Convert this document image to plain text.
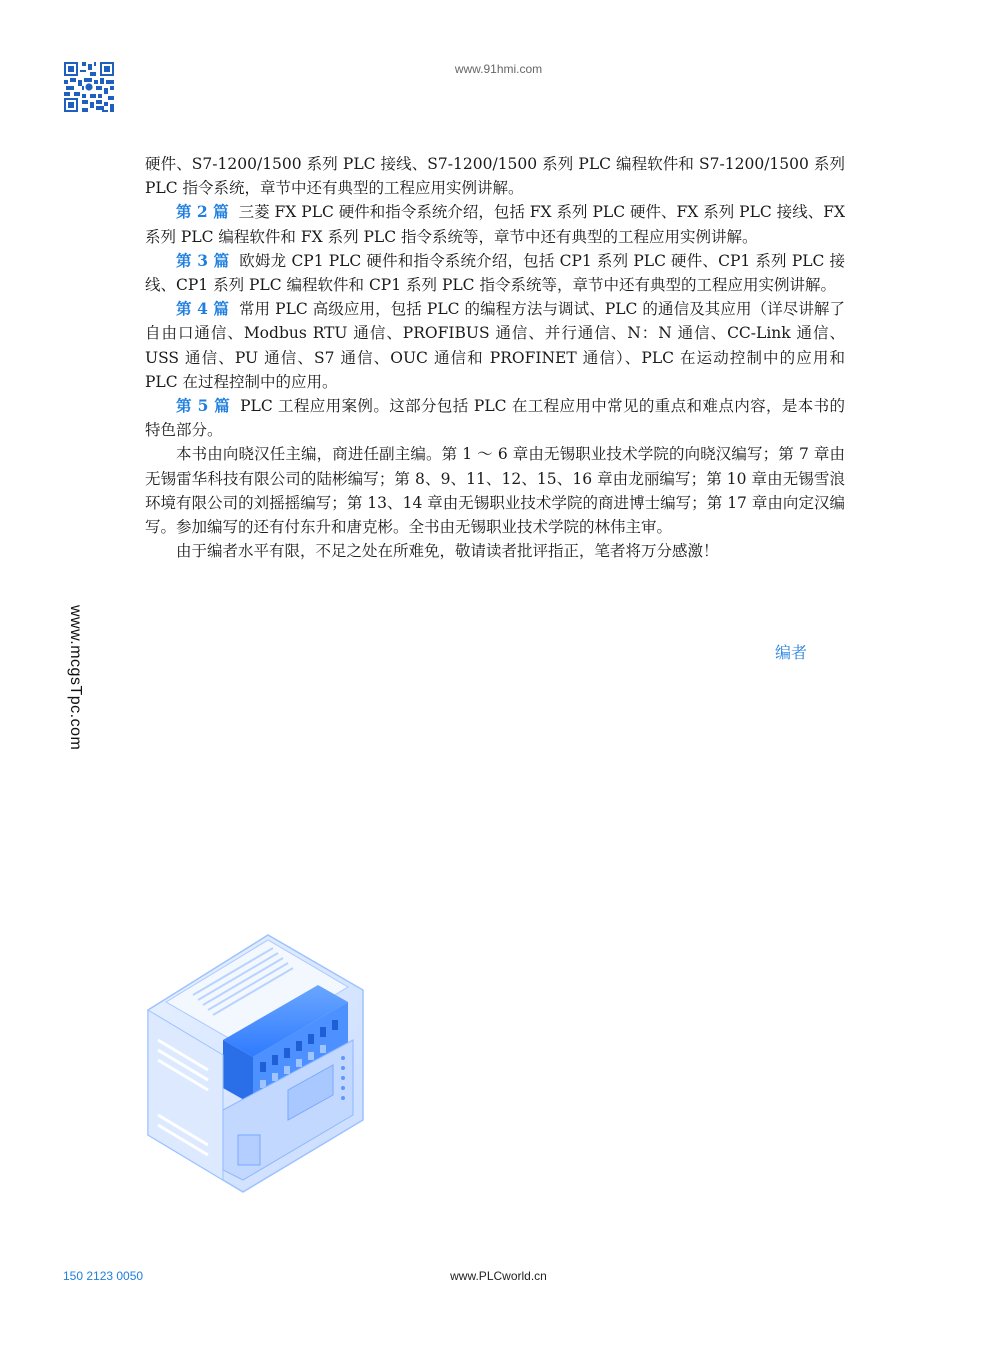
www.91hmi.com
www.mcgsTpc.com

硬件、S7-1200/1500 系列 PLC 接线、S7-1200/1500 系列 PLC 编程软件和 S7-1200/1500 系列 PLC 指令系统，章节中还有典型的工程应用实例讲解。

第 2 篇 三菱 FX PLC 硬件和指令系统介绍，包括 FX 系列 PLC 硬件、FX 系列 PLC 接线、FX 系列 PLC 编程软件和 FX 系列 PLC 指令系统等，章节中还有典型的工程应用实例讲解。

第 3 篇 欧姆龙 CP1 PLC 硬件和指令系统介绍，包括 CP1 系列 PLC 硬件、CP1 系列 PLC 接线、CP1 系列 PLC 编程软件和 CP1 系列 PLC 指令系统等，章节中还有典型的工程应用实例讲解。

第 4 篇 常用 PLC 高级应用，包括 PLC 的编程方法与调试、PLC 的通信及其应用（详尽讲解了自由口通信、Modbus RTU 通信、PROFIBUS 通信、并行通信、N：N 通信、CC-Link 通信、USS 通信、PU 通信、S7 通信、OUC 通信和 PROFINET 通信）、PLC 在运动控制中的应用和 PLC 在过程控制中的应用。

第 5 篇 PLC 工程应用案例。这部分包括 PLC 在工程应用中常见的重点和难点内容，是本书的特色部分。

本书由向晓汉任主编，商进任副主编。第 1 ～ 6 章由无锡职业技术学院的向晓汉编写；第 7 章由无锡雷华科技有限公司的陆彬编写；第 8、9、11、12、15、16 章由龙丽编写；第 10 章由无锡雪浪环境有限公司的刘摇摇编写；第 13、14 章由无锡职业技术学院的商进博士编写；第 17 章由向定汉编写。参加编写的还有付东升和唐克彬。全书由无锡职业技术学院的林伟主审。

由于编者水平有限，不足之处在所难免，敬请读者批评指正，笔者将万分感激！

编者
150 2123 0050	www.PLCworld.cn
